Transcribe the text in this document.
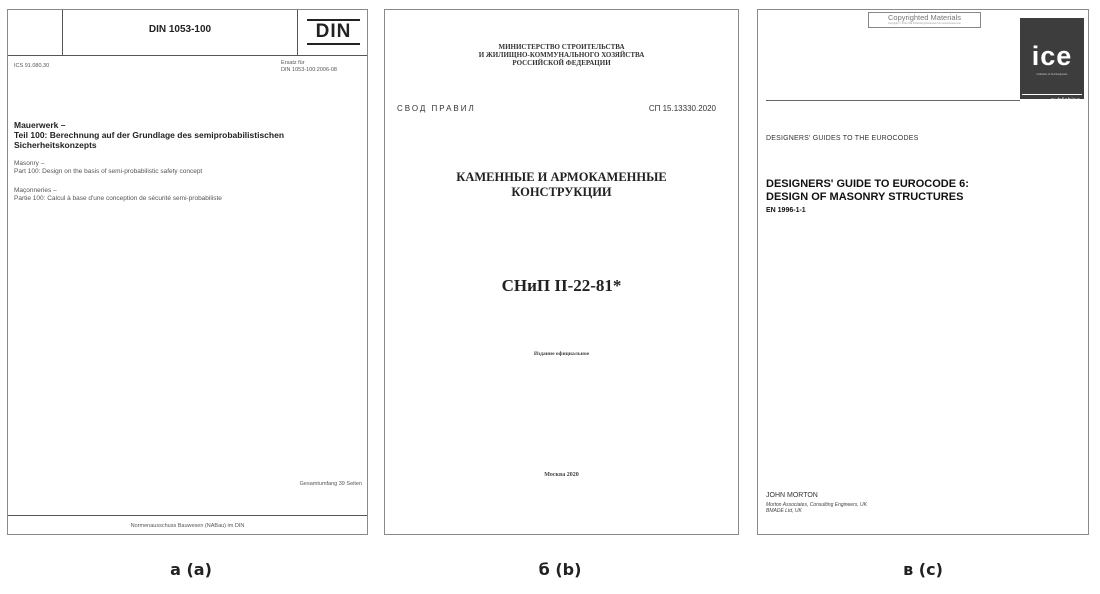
DIN 1053-100	DIN
ICS 91.080.30	Ersatz für
DIN 1053-100:2006-08
Mauerwerk –
Teil 100: Berechnung auf der Grundlage des semiprobabilistischen
Sicherheitskonzepts
Masonry –
Part 100: Design on the basis of semi-probabilistic safety concept
Maçonneries –
Partie 100: Calcul à base d'une conception de sécurité semi-probabiliste
Gesamtumfang 39 Seiten
Normenausschuss Bauwesen (NABau) im DIN
МИНИСТЕРСТВО СТРОИТЕЛЬСТВА
И ЖИЛИЩНО-КОММУНАЛЬНОГО ХОЗЯЙСТВА
РОССИЙСКОЙ ФЕДЕРАЦИИ
СВОД ПРАВИЛ	СП 15.13330.2020
КАМЕННЫЕ И АРМОКАМЕННЫЕ
КОНСТРУКЦИИ
СНиП II-22-81*
Издание официальное
Москва 2020
Copyrighted Materials
Copyright © 2012 ICE Publishing Retrieved from www.knovel.com
ice
Institution of Civil Engineers
publishing
DESIGNERS' GUIDES TO THE EUROCODES
DESIGNERS' GUIDE TO EUROCODE 6:
DESIGN OF MASONRY STRUCTURES
EN 1996-1-1
JOHN MORTON
Morton Associates, Consulting Engineers, UK
BMADE Ltd, UK
а (a)	б (b)	в (c)
